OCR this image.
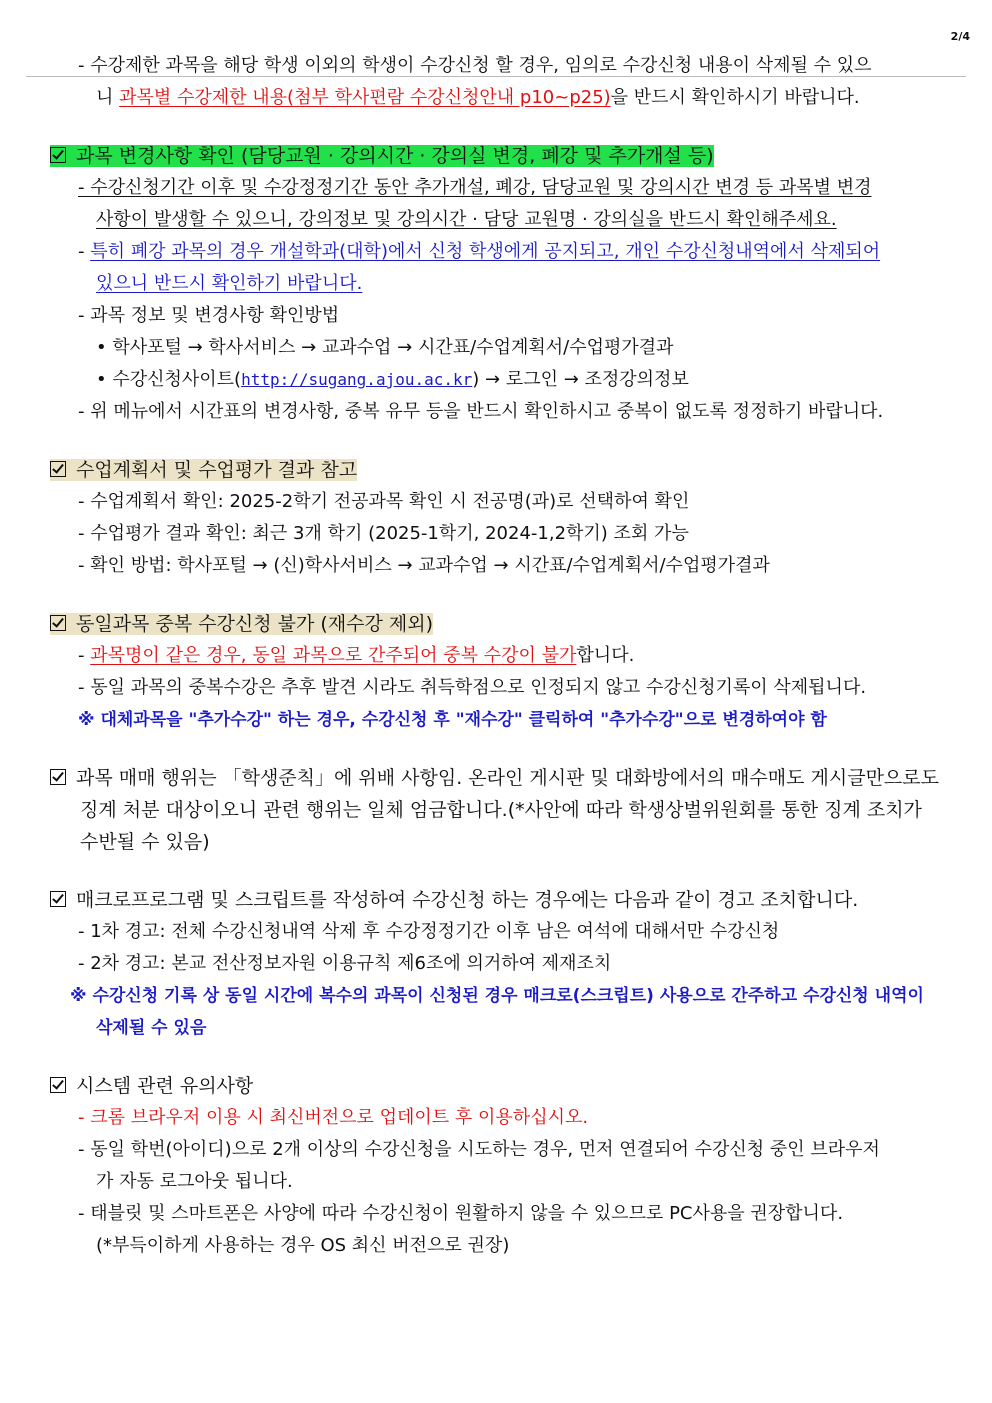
2/4
- 수강제한 과목을 해당 학생 이외의 학생이 수강신청 할 경우, 임의로 수강신청 내용이 삭제될 수 있으
니 과목별 수강제한 내용(첨부 학사편람 수강신청안내 p10~p25)을 반드시 확인하시기 바랍니다.
과목 변경사항 확인 (담당교원 · 강의시간 · 강의실 변경, 폐강 및 추가개설 등)
- 수강신청기간 이후 및 수강정정기간 동안 추가개설, 폐강, 담당교원 및 강의시간 변경 등 과목별 변경
사항이 발생할 수 있으니, 강의정보 및 강의시간 · 담당 교원명 · 강의실을 반드시 확인해주세요.
- 특히 폐강 과목의 경우 개설학과(대학)에서 신청 학생에게 공지되고, 개인 수강신청내역에서 삭제되어
있으니 반드시 확인하기 바랍니다.
- 과목 정보 및 변경사항 확인방법
• 학사포털 → 학사서비스 → 교과수업 → 시간표/수업계획서/수업평가결과
• 수강신청사이트(http://sugang.ajou.ac.kr) → 로그인 → 조정강의정보
- 위 메뉴에서 시간표의 변경사항, 중복 유무 등을 반드시 확인하시고 중복이 없도록 정정하기 바랍니다.
수업계획서 및 수업평가 결과 참고
- 수업계획서 확인: 2025-2학기 전공과목 확인 시 전공명(과)로 선택하여 확인
- 수업평가 결과 확인: 최근 3개 학기 (2025-1학기, 2024-1,2학기) 조회 가능
- 확인 방법: 학사포털 → (신)학사서비스 → 교과수업 → 시간표/수업계획서/수업평가결과
동일과목 중복 수강신청 불가 (재수강 제외)
- 과목명이 같은 경우, 동일 과목으로 간주되어 중복 수강이 불가합니다.
- 동일 과목의 중복수강은 추후 발견 시라도 취득학점으로 인정되지 않고 수강신청기록이 삭제됩니다.
※ 대체과목을 "추가수강" 하는 경우, 수강신청 후 "재수강" 클릭하여 "추가수강"으로 변경하여야 함
과목 매매 행위는 「학생준칙」에 위배 사항임. 온라인 게시판 및 대화방에서의 매수매도 게시글만으로도
징계 처분 대상이오니 관련 행위는 일체 엄금합니다.(*사안에 따라 학생상벌위원회를 통한 징계 조치가
수반될 수 있음)
매크로프로그램 및 스크립트를 작성하여 수강신청 하는 경우에는 다음과 같이 경고 조치합니다.
- 1차 경고: 전체 수강신청내역 삭제 후 수강정정기간 이후 남은 여석에 대해서만 수강신청
- 2차 경고: 본교 전산정보자원 이용규칙 제6조에 의거하여 제재조치
※ 수강신청 기록 상 동일 시간에 복수의 과목이 신청된 경우 매크로(스크립트) 사용으로 간주하고 수강신청 내역이
삭제될 수 있음
시스템 관련 유의사항
- 크롬 브라우저 이용 시 최신버전으로 업데이트 후 이용하십시오.
- 동일 학번(아이디)으로 2개 이상의 수강신청을 시도하는 경우, 먼저 연결되어 수강신청 중인 브라우저
가 자동 로그아웃 됩니다.
- 태블릿 및 스마트폰은 사양에 따라 수강신청이 원활하지 않을 수 있으므로 PC사용을 권장합니다.
(*부득이하게 사용하는 경우 OS 최신 버전으로 권장)
